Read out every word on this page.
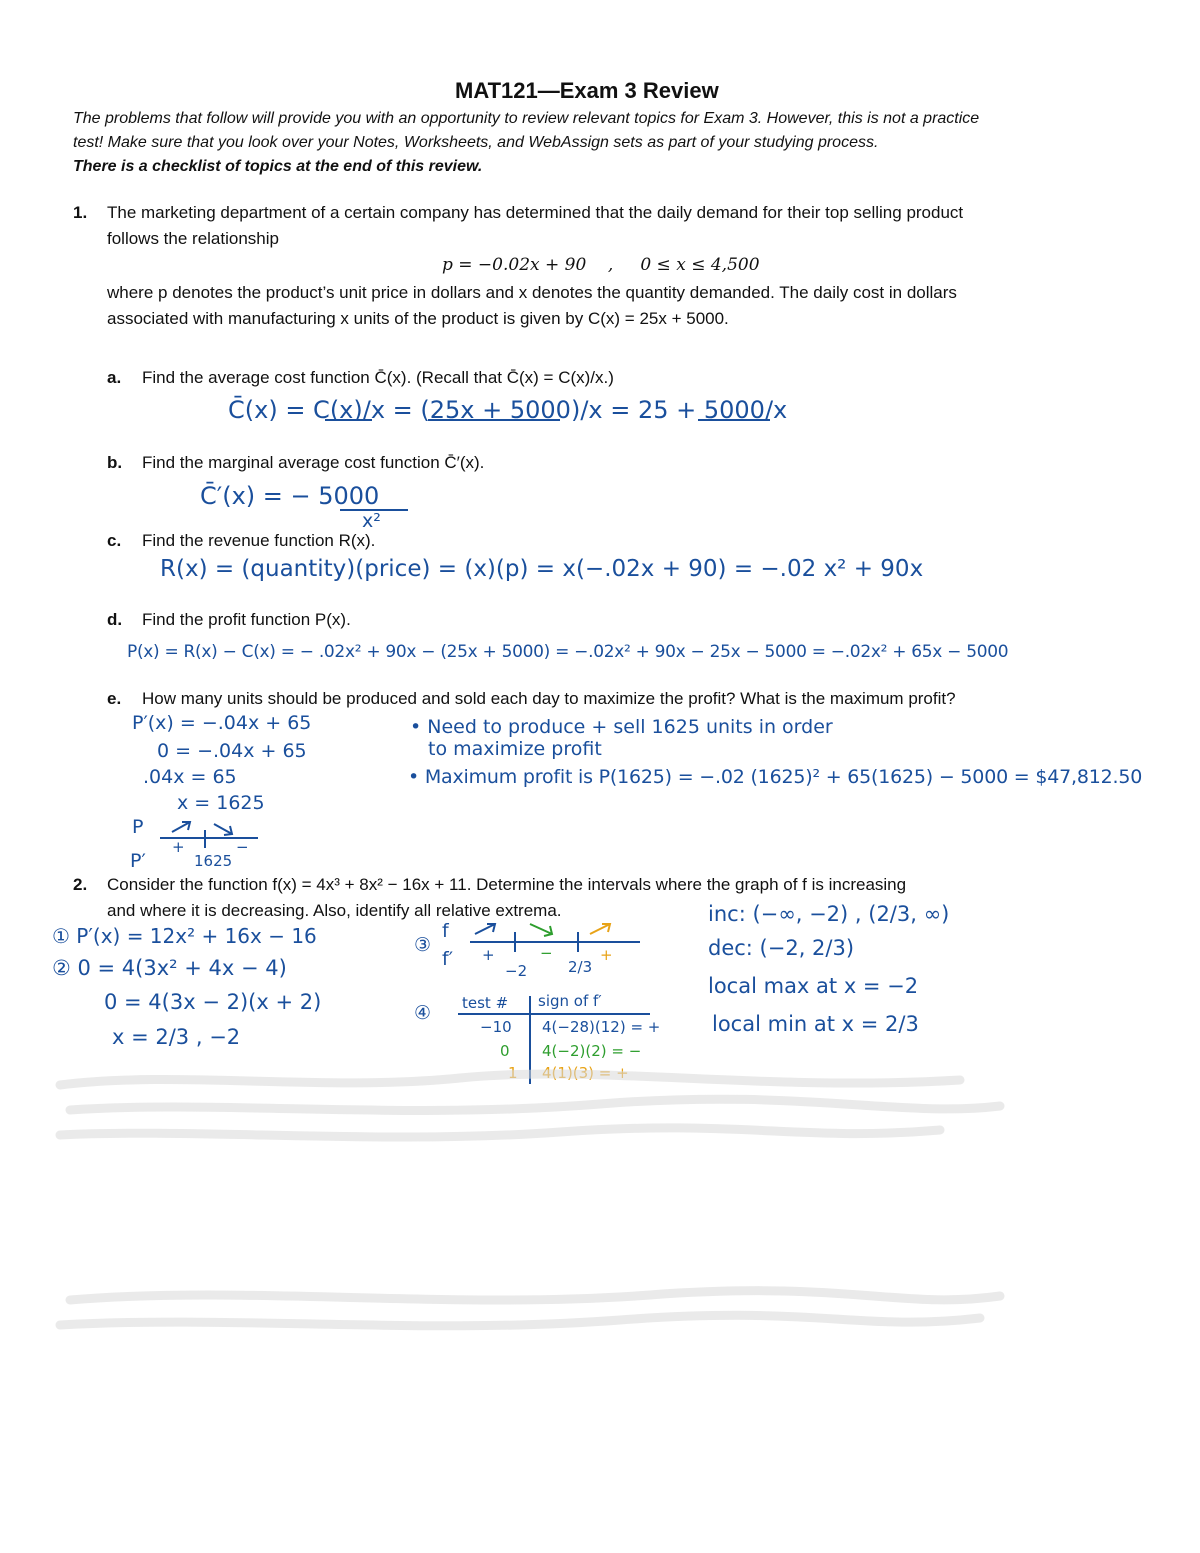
MAT121—Exam 3 Review
The problems that follow will provide you with an opportunity to review relevant topics for Exam 3. However, this is not a practice
test! Make sure that you look over your Notes, Worksheets, and WebAssign sets as part of your studying process.
There is a checklist of topics at the end of this review.
1. The marketing department of a certain company has determined that the daily demand for their top selling product
follows the relationship
p = −0.02x + 90    ,     0 ≤ x ≤ 4,500
where p denotes the product’s unit price in dollars and x denotes the quantity demanded. The daily cost in dollars
associated with manufacturing x units of the product is given by C(x) = 25x + 5000.
a. Find the average cost function C̄(x). (Recall that C̄(x) = C(x)/x.)
b. Find the marginal average cost function C̄′(x).
c. Find the revenue function R(x).
d. Find the profit function P(x).
e. How many units should be produced and sold each day to maximize the profit? What is the maximum profit?
2. Consider the function f(x) = 4x³ + 8x² − 16x + 11. Determine the intervals where the graph of f is increasing
and where it is decreasing. Also, identify all relative extrema.
C̄(x) = C(x)/x = (25x + 5000)/x = 25 + 5000/x
C̄′(x) = − 5000
x²
R(x) = (quantity)(price) = (x)(p) = x(−.02x + 90) = −.02 x² + 90x
P(x) = R(x) − C(x) = − .02x² + 90x − (25x + 5000) = −.02x² + 90x − 25x − 5000 = −.02x² + 65x − 5000
P′(x) = −.04x + 65
0 = −.04x + 65
.04x = 65
x = 1625
P
P′
+	−
1625
• Need to produce + sell 1625 units in order
to maximize profit
• Maximum profit is P(1625) = −.02 (1625)² + 65(1625) − 5000 = $47,812.50
① P′(x) = 12x² + 16x − 16
② 0 = 4(3x² + 4x − 4)
0 = 4(3x − 2)(x + 2)
x = 2/3 , −2
③
f
f′
−2	2/3
+	−	+
④ test # sign of f′
−10 4(−28)(12) = +
0 4(−2)(2) = −
1 4(1)(3) = +
inc: (−∞, −2) , (2/3, ∞)
dec: (−2, 2/3)
local max at x = −2
local min at x = 2/3
